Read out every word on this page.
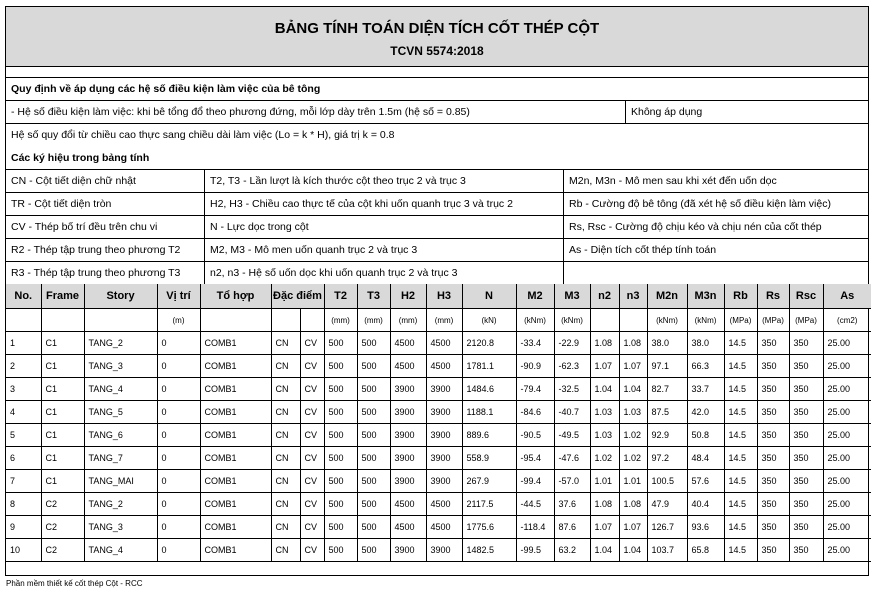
BẢNG TÍNH TOÁN DIỆN TÍCH CỐT THÉP CỘT
TCVN 5574:2018
Quy định về áp dụng các hệ số điều kiện làm việc của bê tông
- Hệ số điều kiện làm việc: khi bê tổng đổ theo phương đứng, mỗi lớp dày trên 1.5m (hệ số = 0.85)	Không áp dụng
Hệ số quy đổi từ chiều cao thực sang chiều dài làm việc (Lo = k * H), giá trị k = 0.8
Các ký hiệu trong bảng tính
CN - Cột tiết diện chữ nhật	T2, T3 - Lần lượt là kích thước cột theo trục 2 và trục 3	M2n, M3n - Mô men sau khi xét đến uốn dọc
TR - Cột tiết diện tròn	H2, H3 - Chiều cao thực tế của cột khi uốn quanh trục 3 và trục 2	Rb - Cường độ bê tông (đã xét hệ số điều kiện làm việc)
CV - Thép bố trí đều trên chu vi	N - Lực dọc trong cột	Rs, Rsc - Cường độ chịu kéo và chịu nén của cốt thép
R2 - Thép tập trung theo phương T2	M2, M3 - Mô men uốn quanh trục 2 và trục 3	As - Diện tích cốt thép tính toán
R3 - Thép tập trung theo phương T3	n2, n3 - Hệ số uốn dọc khi uốn quanh trục 2 và trục 3
No.	Frame	Story	Vị trí	Tổ hợp	Đặc điểm		T2	T3	H2	H3	N	M2	M3	n2	n3	M2n	M3n	Rb	Rs	Rsc	As
			(m)				(mm)	(mm)	(mm)	(mm)	(kN)	(kNm)	(kNm)			(kNm)	(kNm)	(MPa)	(MPa)	(MPa)	(cm2)
1	C1	TANG_2	0	COMB1	CN	CV	500	500	4500	4500	2120.8	-33.4	-22.9	1.08	1.08	38.0	38.0	14.5	350	350	25.00
2	C1	TANG_3	0	COMB1	CN	CV	500	500	4500	4500	1781.1	-90.9	-62.3	1.07	1.07	97.1	66.3	14.5	350	350	25.00
3	C1	TANG_4	0	COMB1	CN	CV	500	500	3900	3900	1484.6	-79.4	-32.5	1.04	1.04	82.7	33.7	14.5	350	350	25.00
4	C1	TANG_5	0	COMB1	CN	CV	500	500	3900	3900	1188.1	-84.6	-40.7	1.03	1.03	87.5	42.0	14.5	350	350	25.00
5	C1	TANG_6	0	COMB1	CN	CV	500	500	3900	3900	889.6	-90.5	-49.5	1.03	1.02	92.9	50.8	14.5	350	350	25.00
6	C1	TANG_7	0	COMB1	CN	CV	500	500	3900	3900	558.9	-95.4	-47.6	1.02	1.02	97.2	48.4	14.5	350	350	25.00
7	C1	TANG_MAI	0	COMB1	CN	CV	500	500	3900	3900	267.9	-99.4	-57.0	1.01	1.01	100.5	57.6	14.5	350	350	25.00
8	C2	TANG_2	0	COMB1	CN	CV	500	500	4500	4500	2117.5	-44.5	37.6	1.08	1.08	47.9	40.4	14.5	350	350	25.00
9	C2	TANG_3	0	COMB1	CN	CV	500	500	4500	4500	1775.6	-118.4	87.6	1.07	1.07	126.7	93.6	14.5	350	350	25.00
10	C2	TANG_4	0	COMB1	CN	CV	500	500	3900	3900	1482.5	-99.5	63.2	1.04	1.04	103.7	65.8	14.5	350	350	25.00
Phần mềm thiết kế cốt thép Cột - RCC
